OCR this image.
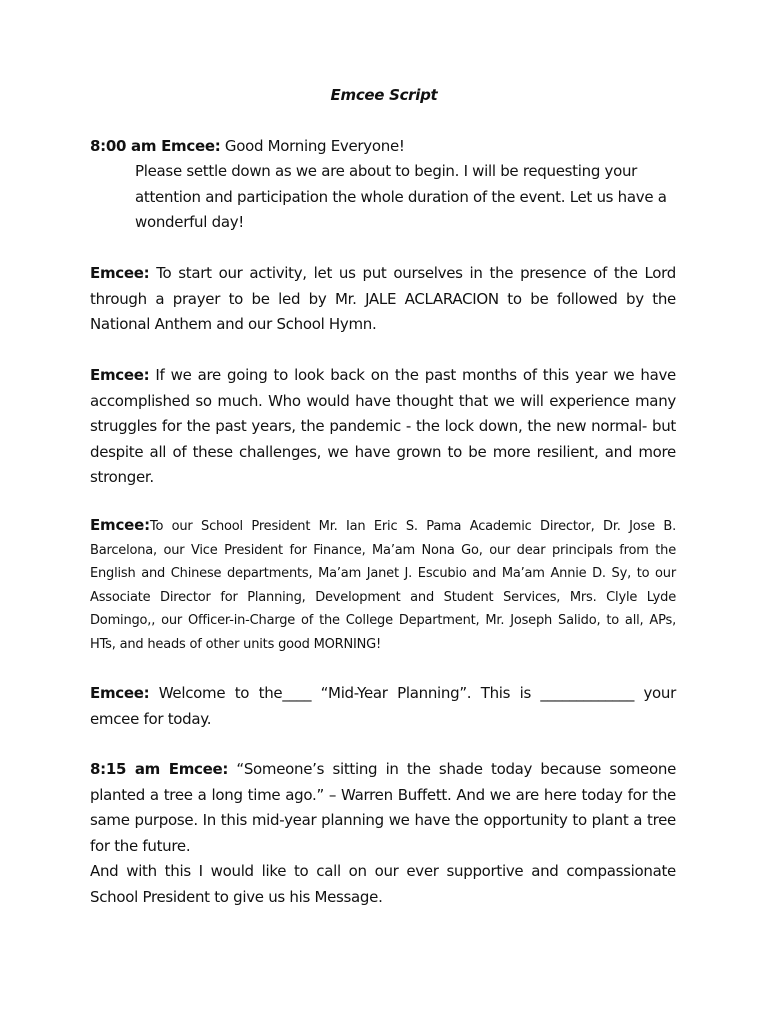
Emcee Script

8:00 am Emcee: Good Morning Everyone!

Please settle down as we are about to begin. I will be requesting your attention and participation the whole duration of the event. Let us have a wonderful day!

Emcee: To start our activity, let us put ourselves in the presence of the Lord through a prayer to be led by Mr. JALE ACLARACION to be followed by the National Anthem and our School Hymn.

Emcee: If we are going to look back on the past months of this year we have accomplished so much. Who would have thought that we will experience many struggles for the past years, the pandemic - the lock down, the new normal- but despite all of these challenges, we have grown to be more resilient, and more stronger.

Emcee:To our School President Mr. Ian Eric S. Pama Academic Director, Dr. Jose B. Barcelona, our Vice President for Finance, Ma’am Nona Go, our dear principals from the English and Chinese departments, Ma’am Janet J. Escubio and Ma’am Annie D. Sy, to our Associate Director for Planning, Development and Student Services, Mrs. Clyle Lyde Domingo,, our Officer-in-Charge of the College Department, Mr. Joseph Salido, to all, APs, HTs, and heads of other units good MORNING!

Emcee: Welcome to the____ “Mid-Year Planning”. This is _____________ your emcee for today.

8:15 am Emcee: “Someone’s sitting in the shade today because someone planted a tree a long time ago.” – Warren Buffett. And we are here today for the same purpose. In this mid-year planning we have the opportunity to plant a tree for the future.

And with this I would like to call on our ever supportive and compassionate School President to give us his Message.
